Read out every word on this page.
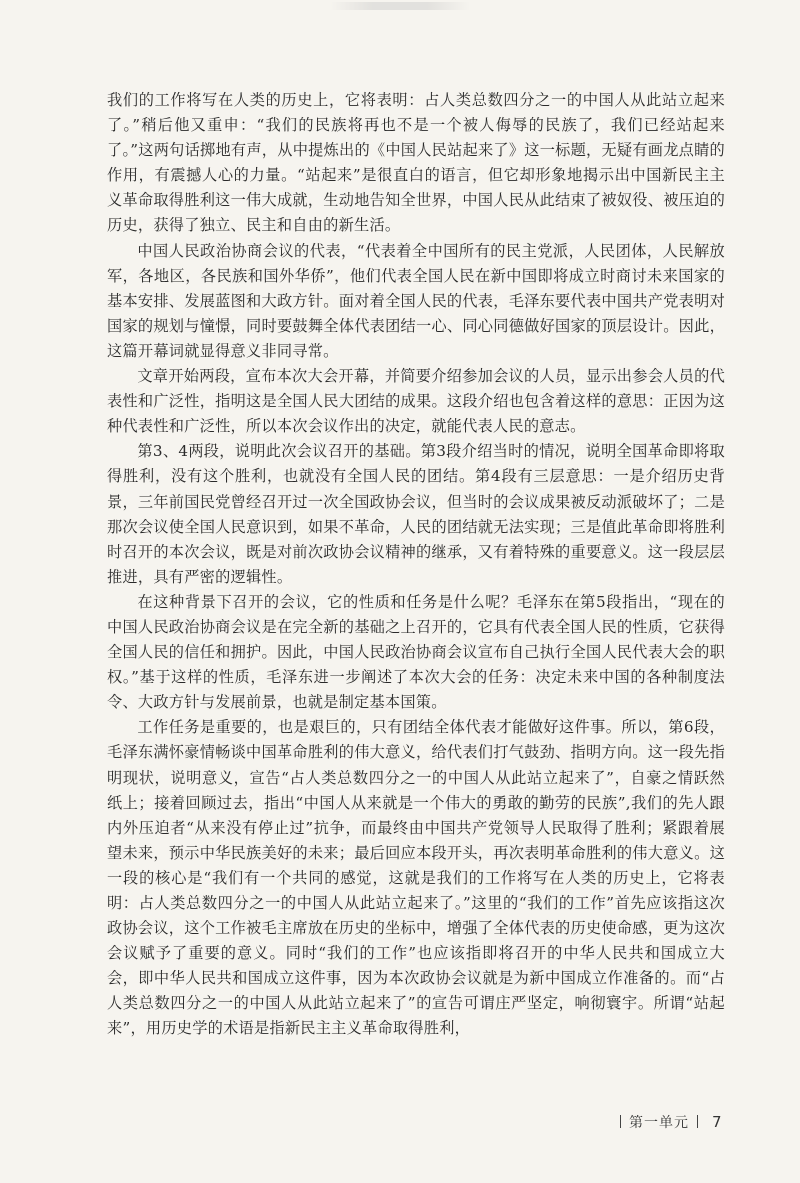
我们的工作将写在人类的历史上，它将表明：占人类总数四分之一的中国人从此站立起来了。”稍后他又重申：“我们的民族将再也不是一个被人侮辱的民族了，我们已经站起来了。”这两句话掷地有声，从中提炼出的《中国人民站起来了》这一标题，无疑有画龙点睛的作用，有震撼人心的力量。“站起来”是很直白的语言，但它却形象地揭示出中国新民主主义革命取得胜利这一伟大成就，生动地告知全世界，中国人民从此结束了被奴役、被压迫的历史，获得了独立、民主和自由的新生活。

中国人民政治协商会议的代表，“代表着全中国所有的民主党派，人民团体，人民解放军，各地区，各民族和国外华侨”，他们代表全国人民在新中国即将成立时商讨未来国家的基本安排、发展蓝图和大政方针。面对着全国人民的代表，毛泽东要代表中国共产党表明对国家的规划与憧憬，同时要鼓舞全体代表团结一心、同心同德做好国家的顶层设计。因此，这篇开幕词就显得意义非同寻常。

文章开始两段，宣布本次大会开幕，并简要介绍参加会议的人员，显示出参会人员的代表性和广泛性，指明这是全国人民大团结的成果。这段介绍也包含着这样的意思：正因为这种代表性和广泛性，所以本次会议作出的决定，就能代表人民的意志。

第3、4两段，说明此次会议召开的基础。第3段介绍当时的情况，说明全国革命即将取得胜利，没有这个胜利，也就没有全国人民的团结。第4段有三层意思：一是介绍历史背景，三年前国民党曾经召开过一次全国政协会议，但当时的会议成果被反动派破坏了；二是那次会议使全国人民意识到，如果不革命，人民的团结就无法实现；三是值此革命即将胜利时召开的本次会议，既是对前次政协会议精神的继承，又有着特殊的重要意义。这一段层层推进，具有严密的逻辑性。

在这种背景下召开的会议，它的性质和任务是什么呢？毛泽东在第5段指出，“现在的中国人民政治协商会议是在完全新的基础之上召开的，它具有代表全国人民的性质，它获得全国人民的信任和拥护。因此，中国人民政治协商会议宣布自己执行全国人民代表大会的职权。”基于这样的性质，毛泽东进一步阐述了本次大会的任务：决定未来中国的各种制度法令、大政方针与发展前景，也就是制定基本国策。

工作任务是重要的，也是艰巨的，只有团结全体代表才能做好这件事。所以，第6段，毛泽东满怀豪情畅谈中国革命胜利的伟大意义，给代表们打气鼓劲、指明方向。这一段先指明现状，说明意义，宣告“占人类总数四分之一的中国人从此站立起来了”，自豪之情跃然纸上；接着回顾过去，指出“中国人从来就是一个伟大的勇敢的勤劳的民族”,我们的先人跟内外压迫者“从来没有停止过”抗争，而最终由中国共产党领导人民取得了胜利；紧跟着展望未来，预示中华民族美好的未来；最后回应本段开头，再次表明革命胜利的伟大意义。这一段的核心是“我们有一个共同的感觉，这就是我们的工作将写在人类的历史上，它将表明：占人类总数四分之一的中国人从此站立起来了。”这里的“我们的工作”首先应该指这次政协会议，这个工作被毛主席放在历史的坐标中，增强了全体代表的历史使命感，更为这次会议赋予了重要的意义。同时“我们的工作”也应该指即将召开的中华人民共和国成立大会，即中华人民共和国成立这件事，因为本次政协会议就是为新中国成立作准备的。而“占人类总数四分之一的中国人从此站立起来了”的宣告可谓庄严坚定，响彻寰宇。所谓“站起来”，用历史学的术语是指新民主主义革命取得胜利，

第一单元 7
